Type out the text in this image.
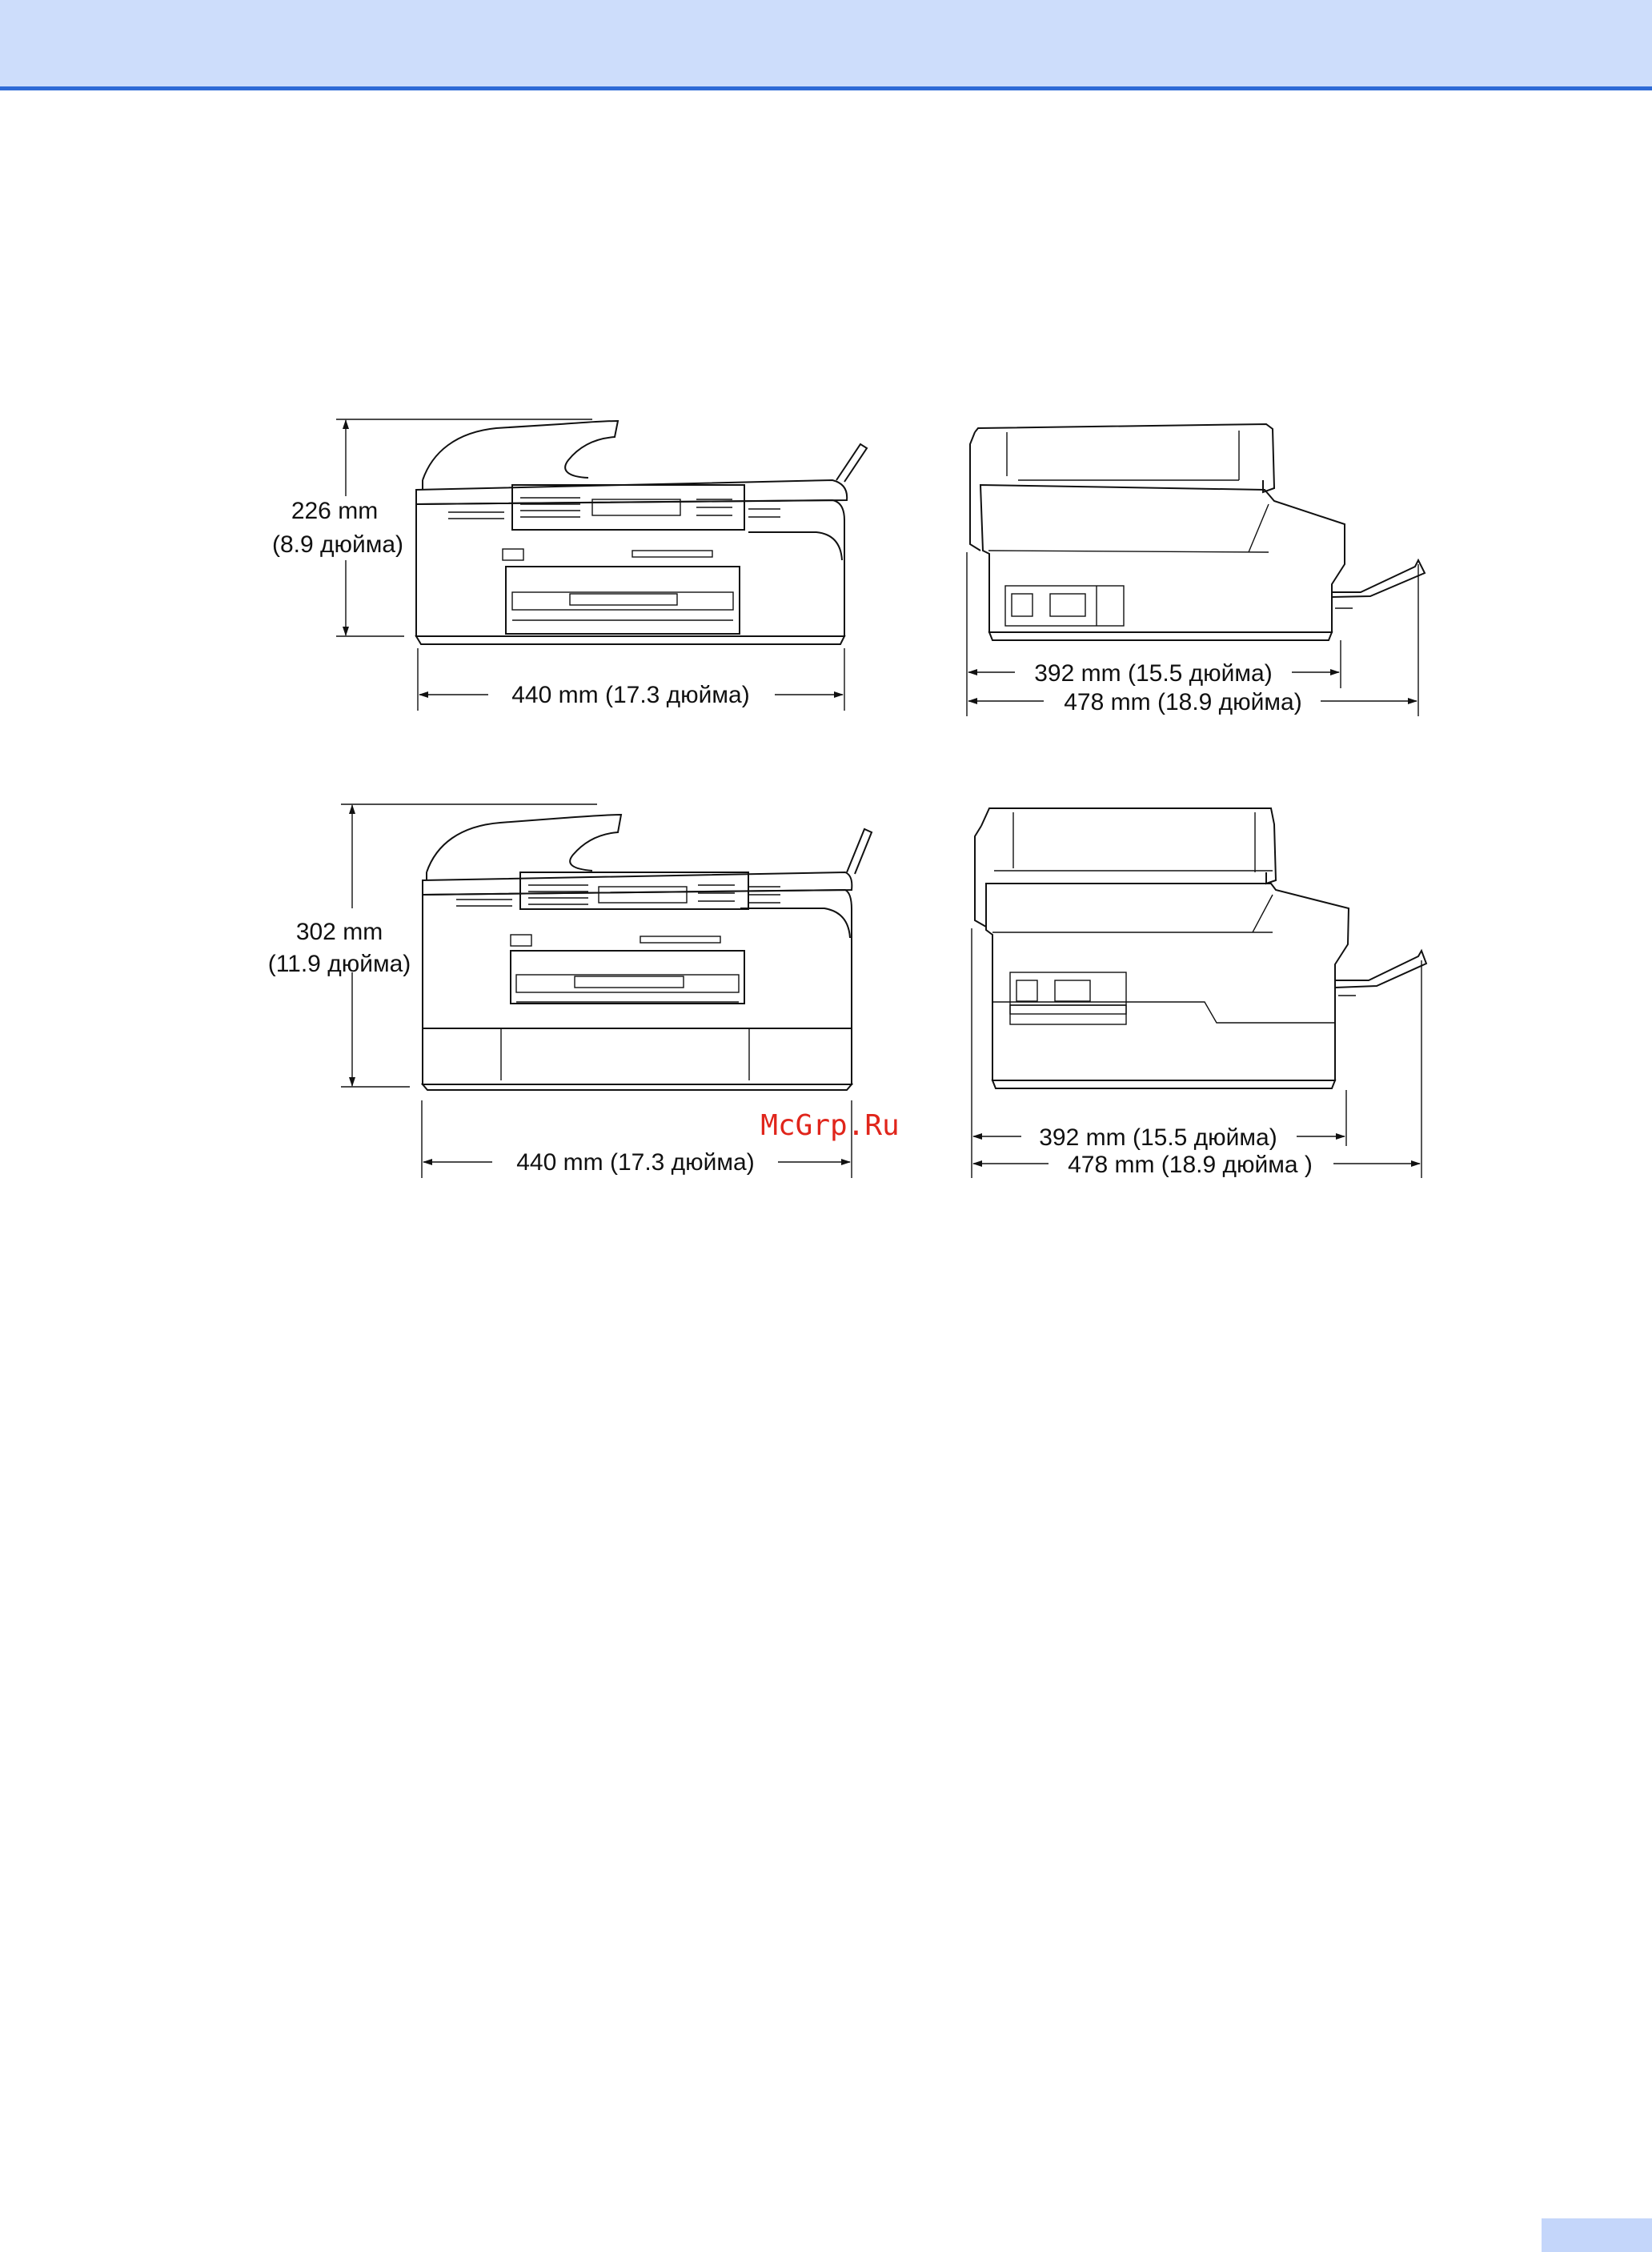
226 mm
(8.9 дюйма)
440 mm (17.3 дюйма)
392 mm (15.5 дюйма)
478 mm (18.9 дюйма)
302 mm
(11.9 дюйма)
440 mm (17.3 дюйма)
392 mm (15.5 дюйма)
478 mm (18.9 дюйма )
McGrp.Ru
